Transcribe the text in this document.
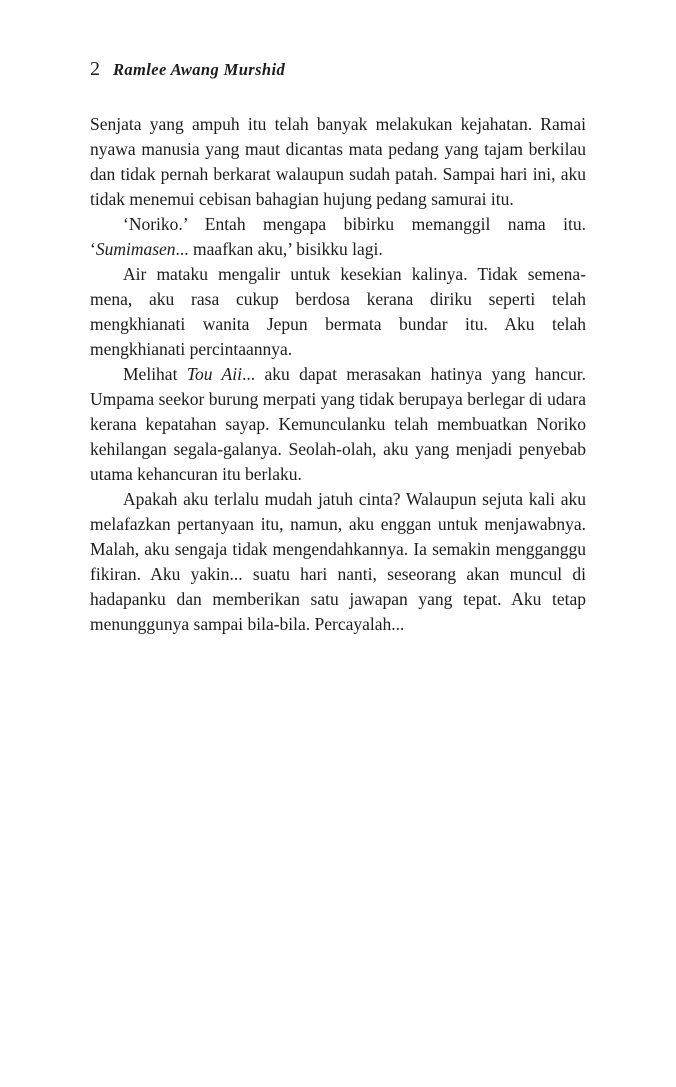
2 Ramlee Awang Murshid

Senjata yang ampuh itu telah banyak melakukan kejahatan. Ramai nyawa manusia yang maut dicantas mata pedang yang tajam berkilau dan tidak pernah berkarat walaupun sudah patah. Sampai hari ini, aku tidak menemui cebisan bahagian hujung pedang samurai itu.

‘Noriko.’ Entah mengapa bibirku memanggil nama itu. ‘Sumimasen... maafkan aku,’ bisikku lagi.

Air mataku mengalir untuk kesekian kalinya. Tidak semena-mena, aku rasa cukup berdosa kerana diriku seperti telah mengkhianati wanita Jepun bermata bundar itu. Aku telah mengkhianati percintaannya.

Melihat Tou Aii... aku dapat merasakan hatinya yang hancur. Umpama seekor burung merpati yang tidak berupaya berlegar di udara kerana kepatahan sayap. Kemunculanku telah membuatkan Noriko kehilangan segala-galanya. Seolah-olah, aku yang menjadi penyebab utama kehancuran itu berlaku.

Apakah aku terlalu mudah jatuh cinta? Walaupun sejuta kali aku melafazkan pertanyaan itu, namun, aku enggan untuk menjawabnya. Malah, aku sengaja tidak mengendahkannya. Ia semakin mengganggu fikiran. Aku yakin... suatu hari nanti, seseorang akan muncul di hadapanku dan memberikan satu jawapan yang tepat. Aku tetap menunggunya sampai bila-bila. Percayalah...
